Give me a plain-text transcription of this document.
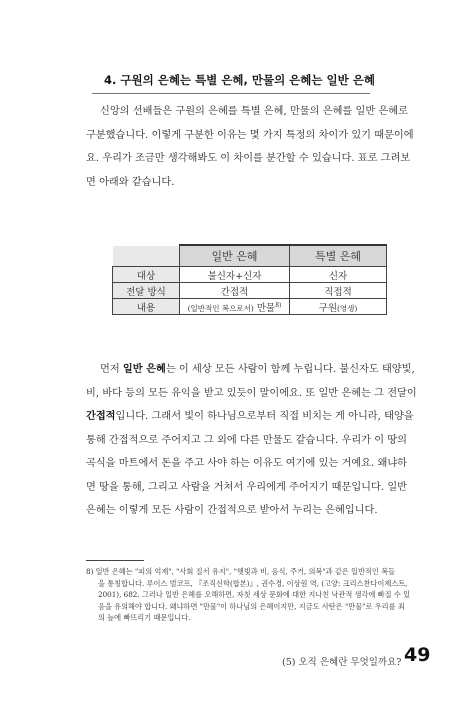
4. 구원의 은혜는 특별 은혜, 만물의 은혜는 일반 은혜
신앙의 선배들은 구원의 은혜를 특별 은혜, 만물의 은혜를 일반 은혜로
구분했습니다. 이렇게 구분한 이유는 몇 가지 특정의 차이가 있기 때문이에
요. 우리가 조금만 생각해봐도 이 차이를 분간할 수 있습니다. 표로 그려보
면 아래와 같습니다.
	일반 은혜	특별 은혜
대상	불신자+신자	신자
전달 방식	간접적	직접적
내용	(일반적인 복으로서) 만물$^{8)}$	구원(영생)
먼저 일반 은혜는 이 세상 모든 사람이 함께 누립니다. 불신자도 태양빛,
비, 바다 등의 모든 유익을 받고 있듯이 말이에요. 또 일반 은혜는 그 전달이
간접적입니다. 그래서 빛이 하나님으로부터 직접 비치는 게 아니라, 태양을
통해 간접적으로 주어지고 그 외에 다른 만물도 같습니다. 우리가 이 땅의
곡식을 마트에서 돈을 주고 사야 하는 이유도 여기에 있는 거예요. 왜냐하
면 땅을 통해, 그리고 사람을 거쳐서 우리에게 주어지기 때문입니다. 일반
은혜는 이렇게 모든 사람이 간접적으로 받아서 누리는 은혜입니다.
8) 일반 은혜는 "피의 억제", "사회 질서 유지", "햇빛과 비, 음식, 주거, 의복"과 같은 일반적인 복들
을 통칭합니다. 루이스 벌코프, 『조직신학(합본)』, 권수경, 이상원 역, (고양: 크리스찬다이제스트,
2001), 682. 그러나 일반 은혜를 오해하면, 자칫 세상 문화에 대한 지나친 낙관적 생각에 빠질 수 있
음을 유의해야 합니다. 왜냐하면 "만물"이 하나님의 은혜이지만, 지금도 사탄은 "만물"로 우리를 죄
의 늪에 빠뜨리기 때문입니다.
(5) 오직 은혜란 무엇일까요? 49
